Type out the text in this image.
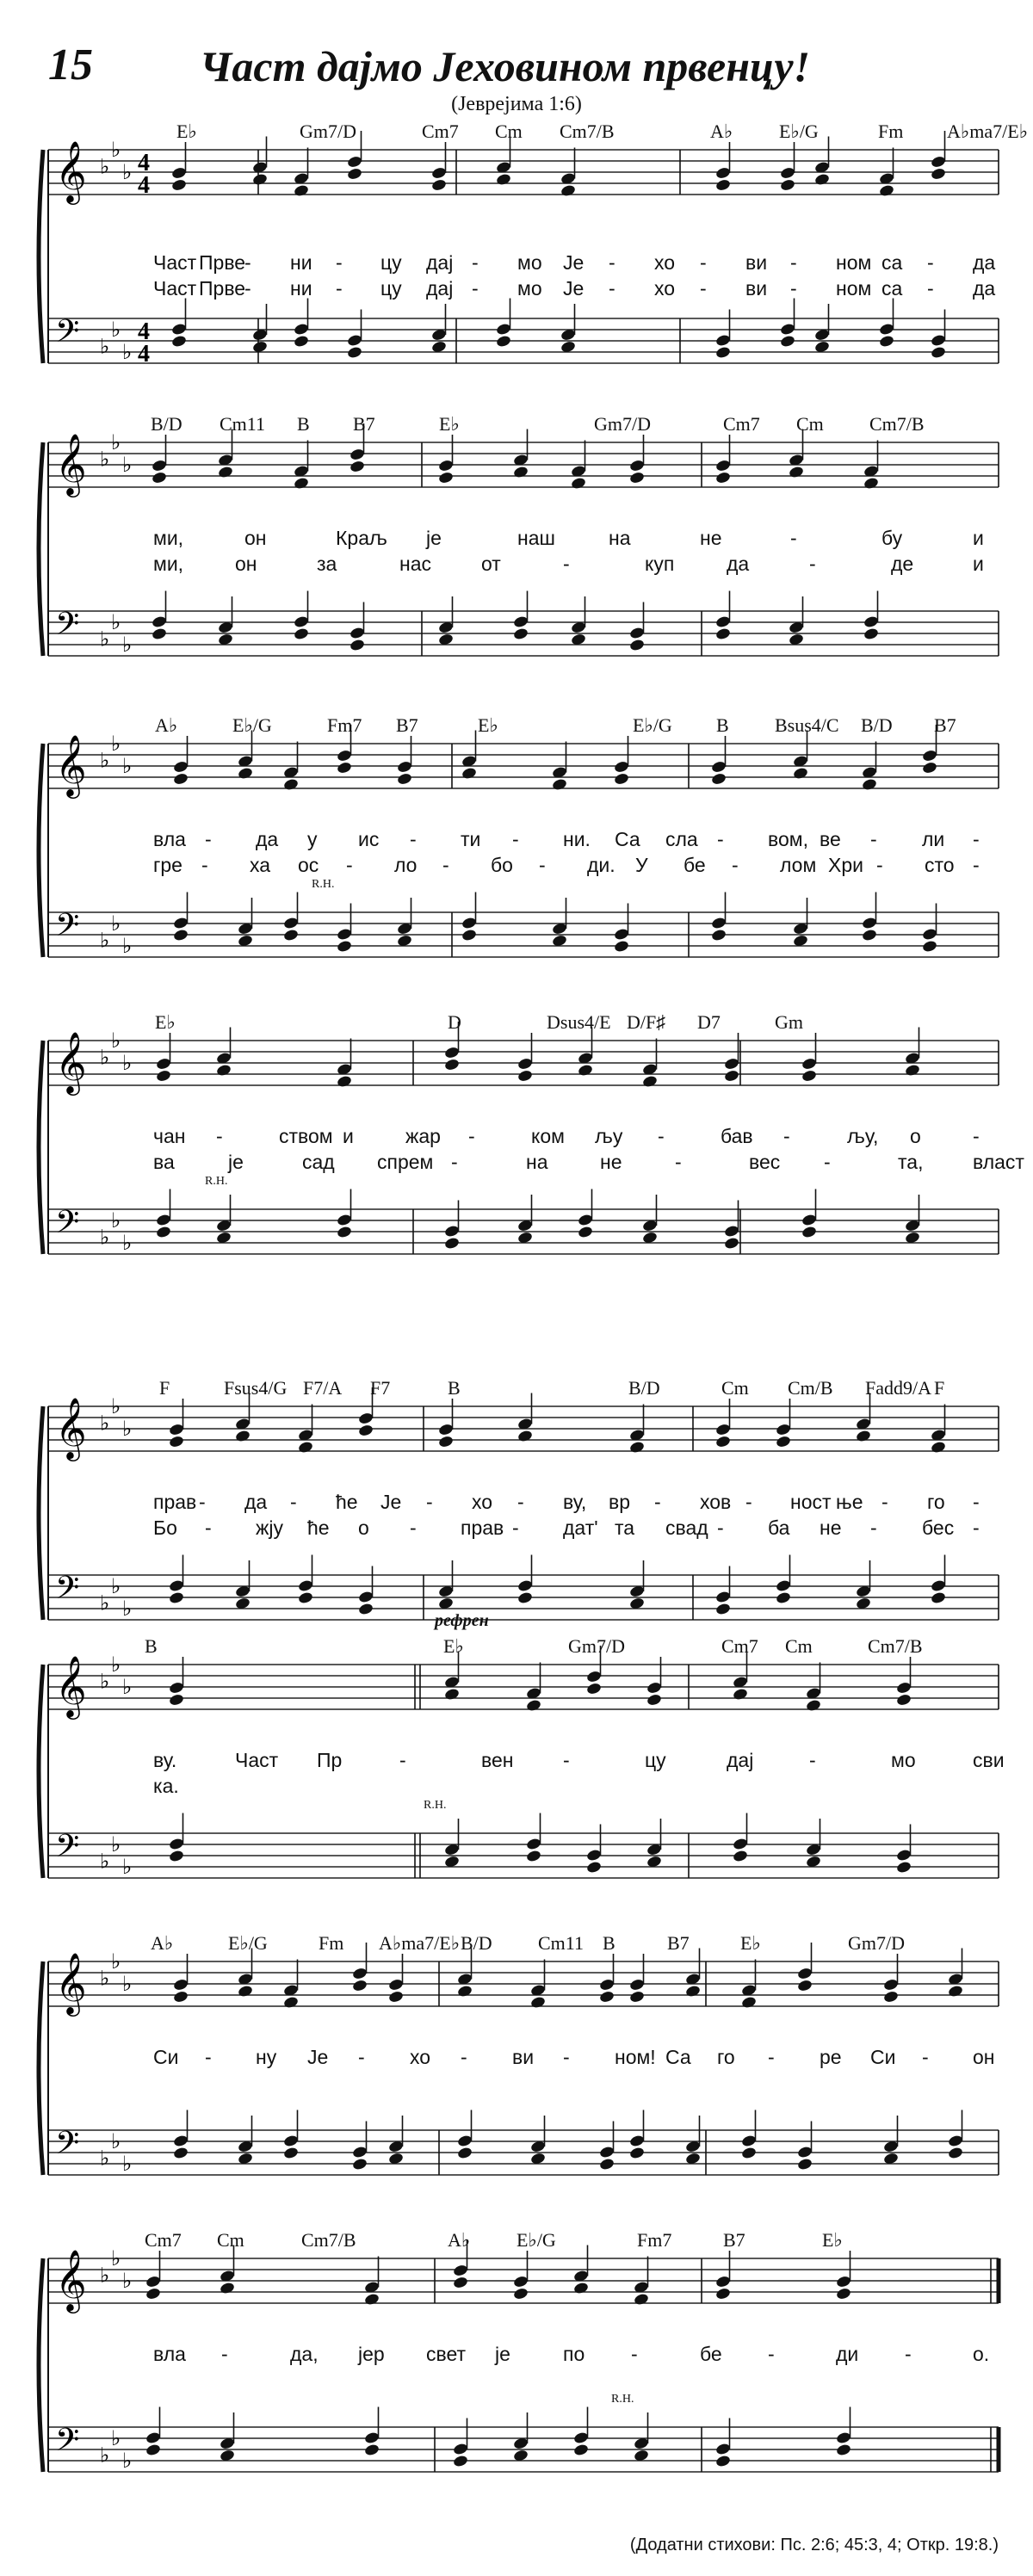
15 Част дајмо Јеховином првенцу!
(Јеврејима 1:6)
E♭	Gm7/D	Cm7 Cm Cm7/B	A♭ E♭/G	Fm A♭ma7/E♭
𝄞
𝄢
♭
♭
♭
♭
♭
♭
4
4
4
4
Част Прве
- ни - цу дај - мо Је - хо - ви - ном са - да
Част Прве
- ни - цу дај - мо Је - хо - ви - ном са - да
B/D Cm11 B B7	E♭	Gm7/D	Cm7 Cm Cm7/B
𝄞
𝄢
♭
♭
♭
♭
♭
♭
ми,	он	Краљ је	наш	на	не	-	бу	и
ми,	он	за	нас	от	-	куп	да	-	де	и
A♭	E♭/G	Fm7 B7	E♭	E♭/G B Bsus4/C B/D B7
𝄞
𝄢
♭
♭
♭
♭
♭
♭
вла - да у ис - ти - ни. Са сла - вом, ве - ли -
гре - ха ос - ло - бо - ди. У бе - лом Хри - сто -
R.H.
E♭	D	Dsus4/E D/F♯ D7	Gm
𝄞
𝄢
♭
♭
♭
♭
♭
♭
чан -	ством и	жар -	ком љу -	бав -	љу, о	-
ва	је	сад спрем -	на	не	-	вес -	та,	власт
R.H.
F	Fsus4/G F7/A F7	B	B/D	Cm Cm/B Fadd9/A F
𝄞
𝄢
♭
♭
♭
♭
♭
♭
прав - да - ће Је - хо - ву, вр - хов - ност ње - го -
Бо - жју ће о - прав - дат' та свад - ба не - бес -
B	E♭	Gm7/D	Cm7 Cm	Cm7/B
𝄞
𝄢
♭
♭
♭
♭
♭
♭
ву.	Част Пр	-	вен	-	цу	дај	-	мо	сви
ка.
R.H.
рефрен
A♭	E♭/G	Fm A♭ma7/E♭ B/D Cm11 B	B7	E♭	Gm7/D
𝄞
𝄢
♭
♭
♭
♭
♭
♭
Си - ну Је - хо - ви - ном! Са го - ре Си - он
Cm7 Cm	Cm7/B	A♭ E♭/G	Fm7	B7	E♭
𝄞
𝄢
♭
♭
♭
♭
♭
♭
вла -	да, јер свет је	по -	бе -	ди -	о.
R.H.
(Додатни стихови: Пс. 2:6; 45:3, 4; Откр. 19:8.)
